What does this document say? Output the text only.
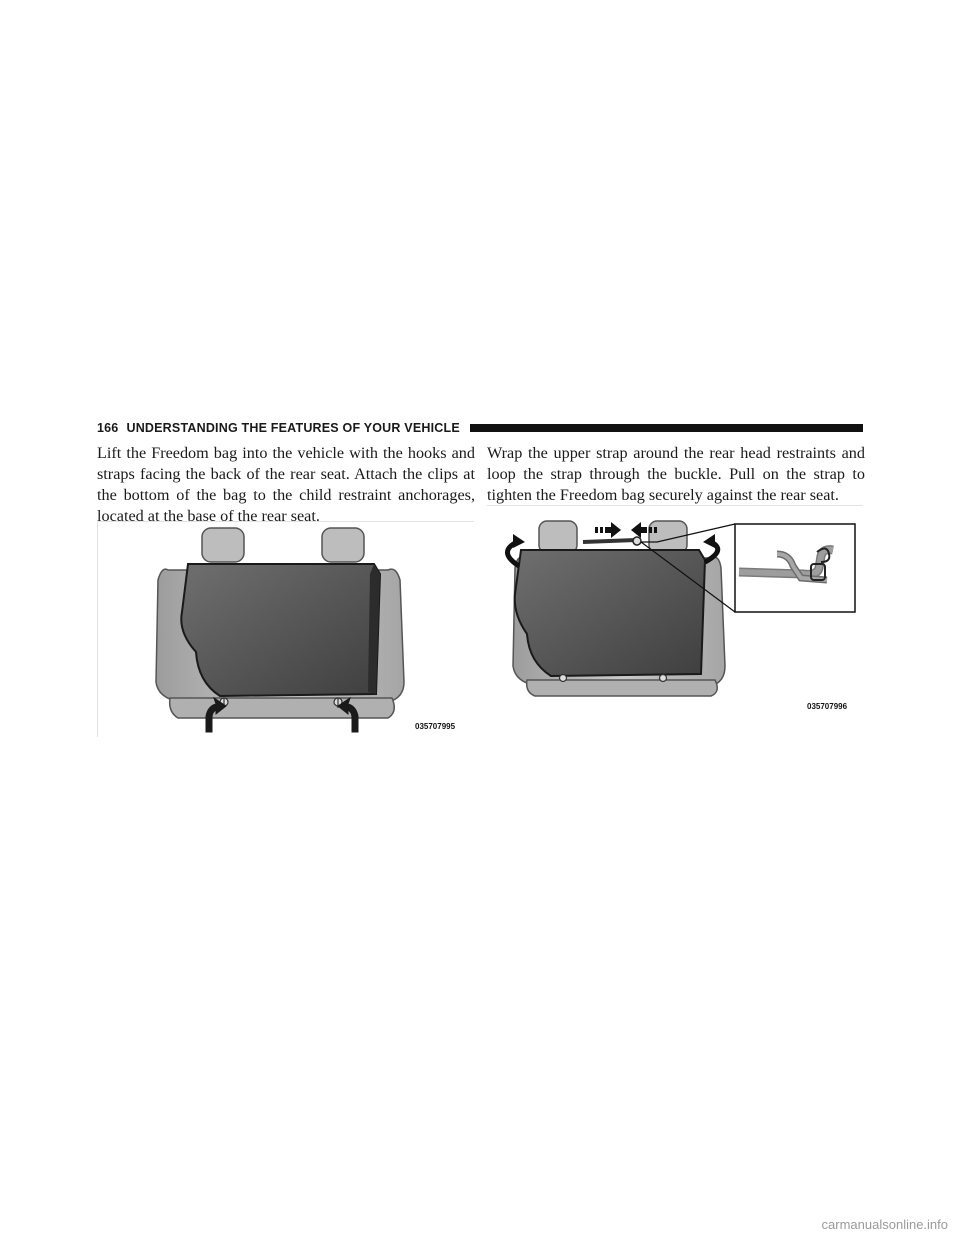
166 UNDERSTANDING THE FEATURES OF YOUR VEHICLE

Lift the Freedom bag into the vehicle with the hooks and straps facing the back of the rear seat. Attach the clips at the bottom of the bag to the child restraint anchorages, located at the base of the rear seat.

Wrap the upper strap around the rear head restraints and loop the strap through the buckle. Pull on the strap to tighten the Freedom bag securely against the rear seat.

035707995
035707996
carmanualsonline.info
